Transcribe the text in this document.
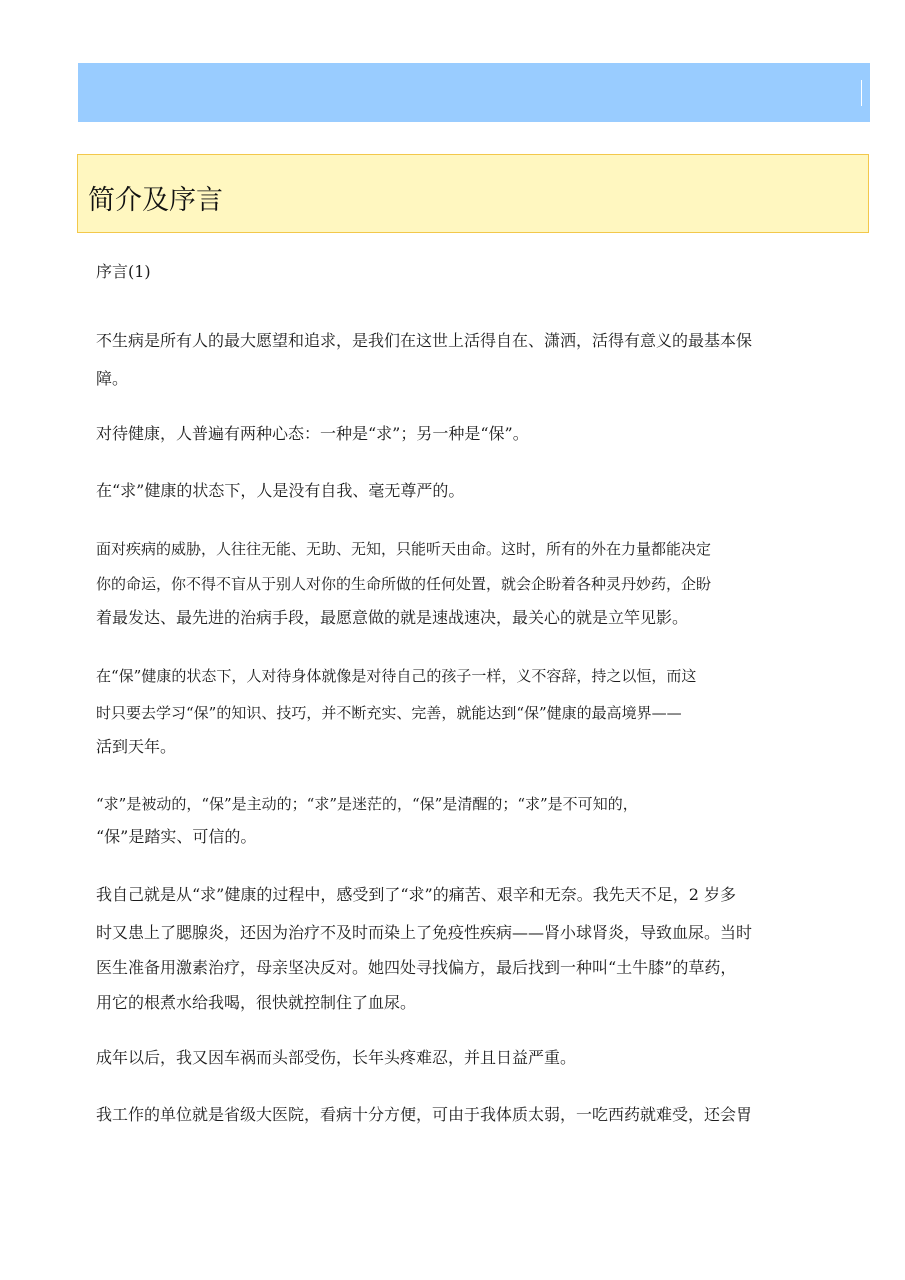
简介及序言
序言(1)
不生病是所有人的最大愿望和追求，是我们在这世上活得自在、潇洒，活得有意义的最基本保
障。
对待健康，人普遍有两种心态：一种是“求”；另一种是“保”。
在“求”健康的状态下，人是没有自我、毫无尊严的。
面对疾病的威胁，人往往无能、无助、无知，只能听天由命。这时，所有的外在力量都能决定
你的命运，你不得不盲从于别人对你的生命所做的任何处置，就会企盼着各种灵丹妙药，企盼
着最发达、最先进的治病手段，最愿意做的就是速战速决，最关心的就是立竿见影。
在“保”健康的状态下，人对待身体就像是对待自己的孩子一样，义不容辞，持之以恒，而这
时只要去学习“保”的知识、技巧，并不断充实、完善，就能达到“保”健康的最高境界——
活到天年。
“求”是被动的，“保”是主动的；“求”是迷茫的，“保”是清醒的；“求”是不可知的，
“保”是踏实、可信的。
我自己就是从“求”健康的过程中，感受到了“求”的痛苦、艰辛和无奈。我先天不足，2 岁多
时又患上了腮腺炎，还因为治疗不及时而染上了免疫性疾病——肾小球肾炎，导致血尿。当时
医生准备用激素治疗，母亲坚决反对。她四处寻找偏方，最后找到一种叫“土牛膝”的草药，
用它的根煮水给我喝，很快就控制住了血尿。
成年以后，我又因车祸而头部受伤，长年头疼难忍，并且日益严重。
我工作的单位就是省级大医院，看病十分方便，可由于我体质太弱，一吃西药就难受，还会胃
